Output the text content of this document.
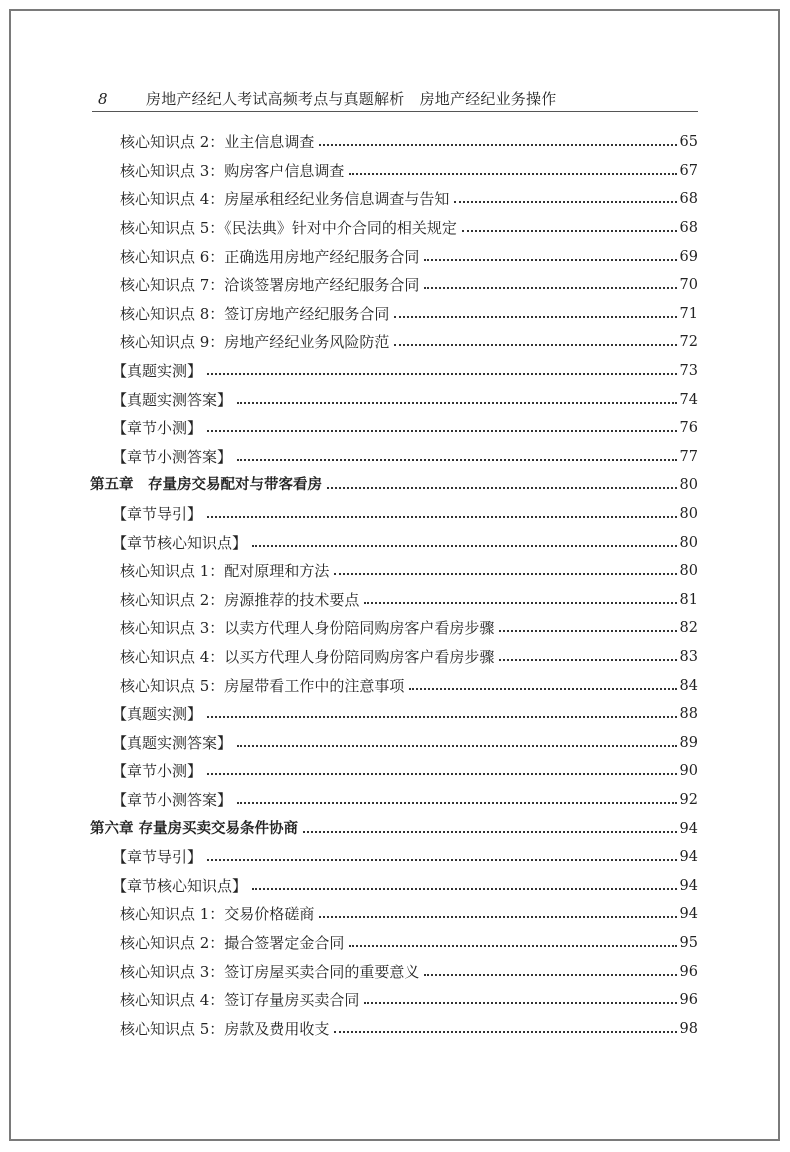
8	房地产经纪人考试高频考点与真题解析　房地产经纪业务操作
核心知识点 2：业主信息调查	65
核心知识点 3：购房客户信息调查	67
核心知识点 4：房屋承租经纪业务信息调查与告知	68
核心知识点 5：《民法典》针对中介合同的相关规定	68
核心知识点 6：正确选用房地产经纪服务合同	69
核心知识点 7：洽谈签署房地产经纪服务合同	70
核心知识点 8：签订房地产经纪服务合同	71
核心知识点 9：房地产经纪业务风险防范	72
【真题实测】	73
【真题实测答案】	74
【章节小测】	76
【章节小测答案】	77
第五章　存量房交易配对与带客看房	80
【章节导引】	80
【章节核心知识点】	80
核心知识点 1：配对原理和方法	80
核心知识点 2：房源推荐的技术要点	81
核心知识点 3：以卖方代理人身份陪同购房客户看房步骤	82
核心知识点 4：以买方代理人身份陪同购房客户看房步骤	83
核心知识点 5：房屋带看工作中的注意事项	84
【真题实测】	88
【真题实测答案】	89
【章节小测】	90
【章节小测答案】	92
第六章 存量房买卖交易条件协商	94
【章节导引】	94
【章节核心知识点】	94
核心知识点 1：交易价格磋商	94
核心知识点 2：撮合签署定金合同	95
核心知识点 3：签订房屋买卖合同的重要意义	96
核心知识点 4：签订存量房买卖合同	96
核心知识点 5：房款及费用收支	98
